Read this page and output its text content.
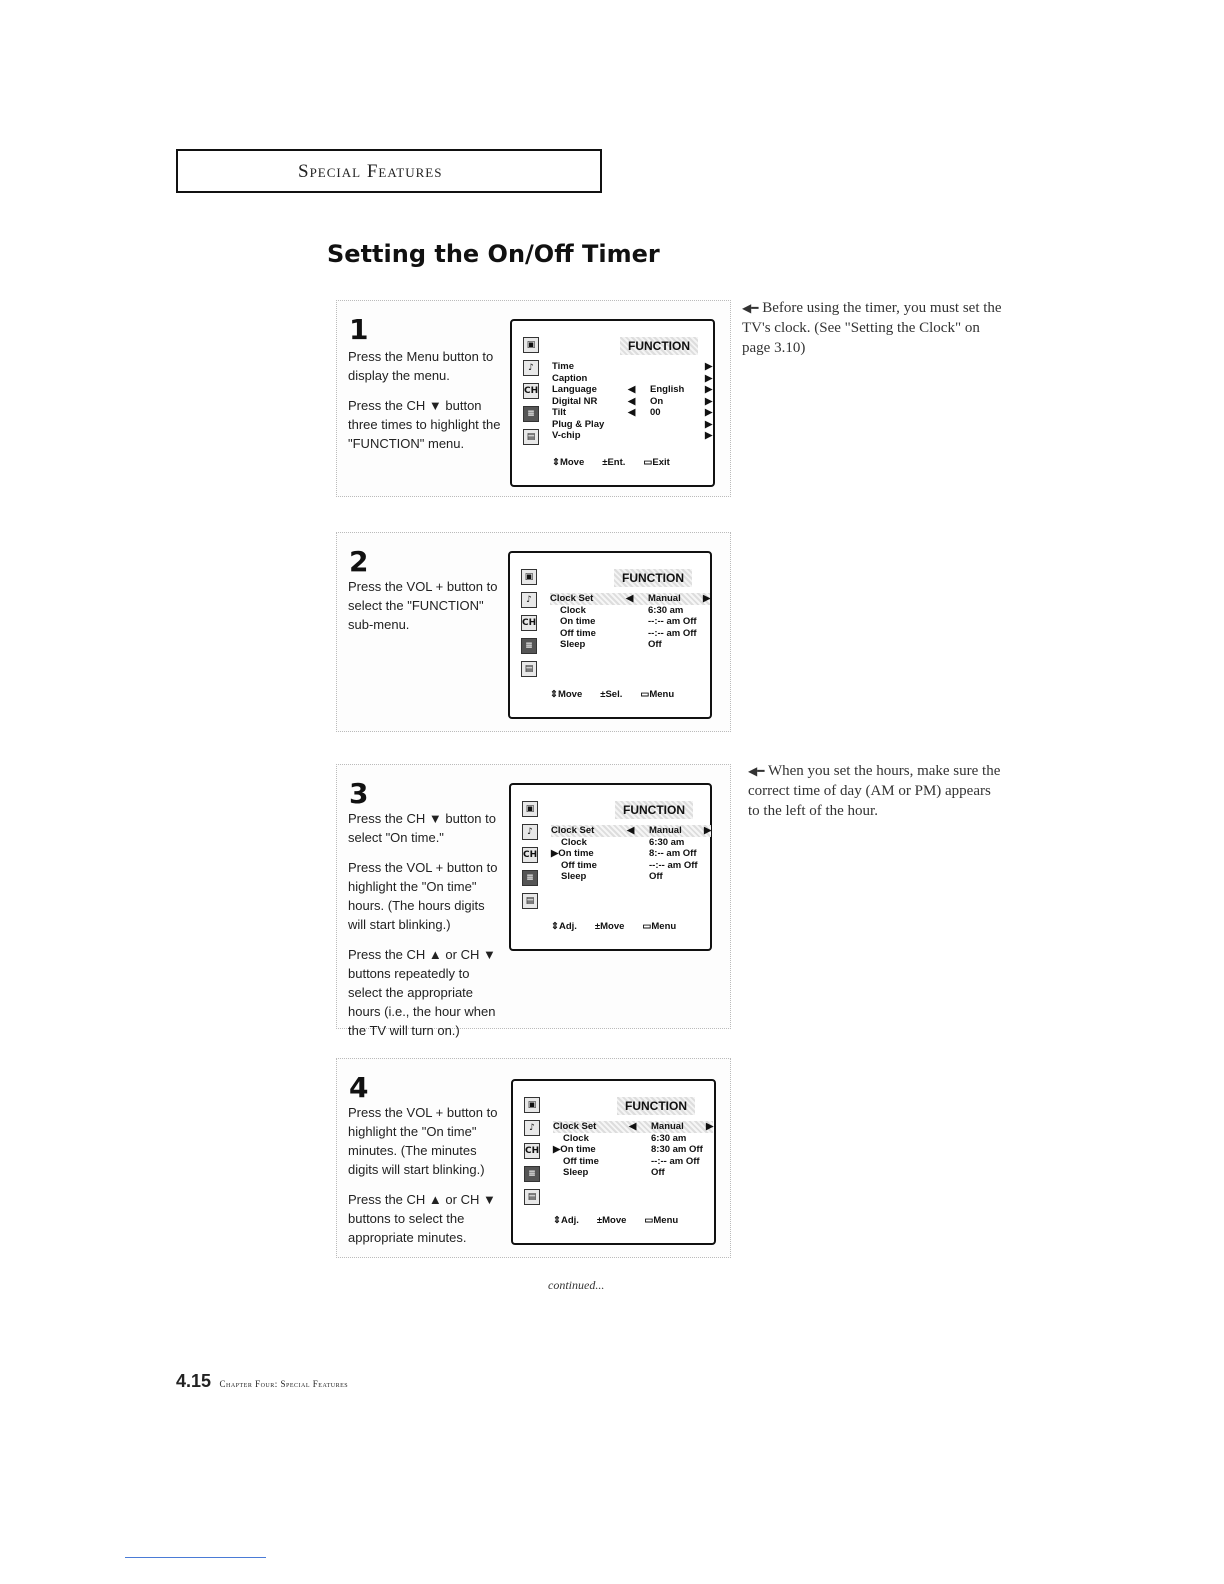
Special Features
Setting the On/Off Timer
1

Press the Menu button to display the menu.

Press the CH ▼ button three times to highlight the "FUNCTION" menu.

▣
♪
CH
≡
▤
FUNCTION
Time	▶
Caption	▶
Language	◀	English	▶
Digital NR	◀	On	▶
Tilt	◀	00	▶
Plug & Play	▶
V-chip	▶
⇕Move ±Ent. ▭Exit
2

Press the VOL + button to select the "FUNCTION" sub-menu.

▣
♪
CH
≡
▤
FUNCTION
Clock Set	◀	Manual	▶
Clock	6:30 am
On time	--:-- am Off
Off time	--:-- am Off
Sleep	Off
⇕Move ±Sel. ▭Menu
3

Press the CH ▼ button to select "On time."

Press the VOL + button to highlight the "On time" hours. (The hours digits will start blinking.)

Press the CH ▲ or CH ▼ buttons repeatedly to select the appropriate hours (i.e., the hour when the TV will turn on.)

▣
♪
CH
≡
▤
FUNCTION
Clock Set	◀	Manual	▶
Clock	6:30 am
▶On time	8:-- am Off
Off time	--:-- am Off
Sleep	Off
⇕Adj. ±Move ▭Menu
4

Press the VOL + button to highlight the "On time" minutes. (The minutes digits will start blinking.)

Press the CH ▲ or CH ▼ buttons to select the appropriate minutes.

▣
♪
CH
≡
▤
FUNCTION
Clock Set	◀	Manual	▶
Clock	6:30 am
▶On time	8:30 am Off
Off time	--:-- am Off
Sleep	Off
⇕Adj. ±Move ▭Menu
◀━ Before using the timer, you must set the TV's clock. (See "Setting the Clock" on page 3.10)
◀━ When you set the hours, make sure the correct time of day (AM or PM) appears to the left of the hour.
continued...
4.15 Chapter Four: Special Features
